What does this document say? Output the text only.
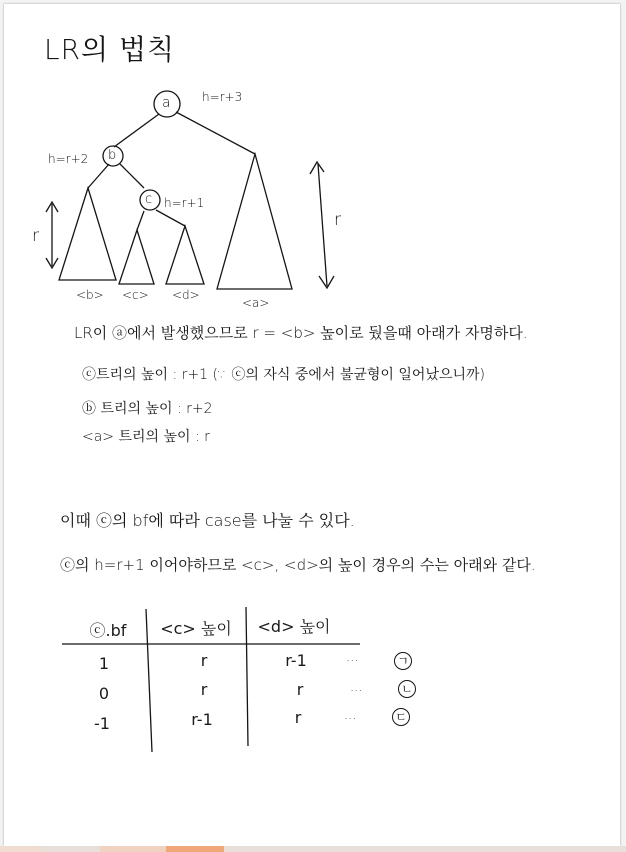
LR의 법칙
a
b
c
h=r+3
h=r+2
h=r+1
r
r
<b> <c> <d>
<a>
LR이 ⓐ에서 발생했으므로 r = <b> 높이로 뒀을때 아래가 자명하다.
ⓒ트리의 높이 : r+1 (∵ ⓒ의 자식 중에서 불균형이 일어났으니까)
ⓑ 트리의 높이 : r+2
<a> 트리의 높이 : r
이때 ⓒ의 bf에 따라 case를 나눌 수 있다.
ⓒ의 h=r+1 이어야하므로 <c>, <d>의 높이 경우의 수는 아래와 같다.
ⓒ.bf	<c> 높이 <d> 높이
1	r	r-1	···	ㄱ
0	r	r	···	ㄴ
-1	r-1	r	···	ㄷ
